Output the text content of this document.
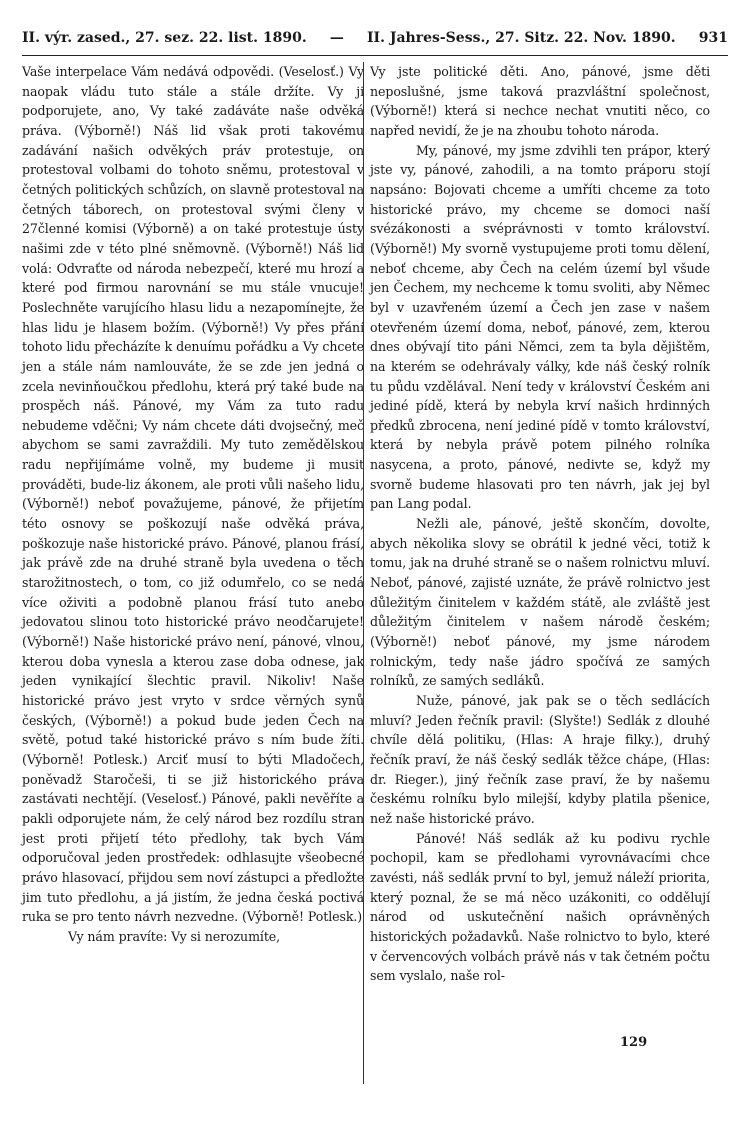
II. výr. zased., 27. sez. 22. list. 1890. — II. Jahres-Sess., 27. Sitz. 22. Nov. 1890. 931

Vaše interpelace Vám nedává odpovědi. (Veselosť.) Vy naopak vládu tuto stále a stále držíte. Vy ji podporujete, ano, Vy také zadáváte naše odvěká práva. (Výborně!) Náš lid však proti takovému zadávání našich odvěkých práv protestuje, on protestoval volbami do tohoto sněmu, protestoval v četných politických schůzích, on slavně protestoval na četných táborech, on protestoval svými členy v 27členné komisi (Výborně) a on také protestuje ústy našimi zde v této plné sněmovně. (Výborně!) Náš lid volá: Odvraťte od národa nebezpečí, které mu hrozí a které pod firmou narovnání se mu stále vnucuje! Poslechněte varujícího hlasu lidu a nezapomínejte, že hlas lidu je hlasem božím. (Výborně!) Vy přes přání tohoto lidu přecházíte k denuímu pořádku a Vy chcete jen a stále nám namlouváte, že se zde jen jedná o zcela nevinňoučkou předlohu, která prý také bude na prospěch náš. Pánové, my Vám za tuto radu nebudeme vděčni; Vy nám chcete dáti dvojsečný, meč abychom se sami zavraždili. My tuto zemědělskou radu nepřijímáme volně, my budeme ji musit prováděti, bude-liz ákonem, ale proti vůli našeho lidu, (Výborně!) neboť považujeme, pánové, že přijetím této osnovy se poškozují naše odvěká práva, poškozuje naše historické právo. Pánové, planou frásí, jak právě zde na druhé straně byla uvedena o těch starožitnostech, o tom, co již odumřelo, co se nedá více oživiti a podobně planou frásí tuto anebo jedovatou slinou toto historické právo neodčarujete! (Výborně!) Naše historické právo není, pánové, vlnou, kterou doba vynesla a kterou zase doba odnese, jak jeden vynikající šlechtic pravil. Nikoliv! Naše historické právo jest vryto v srdce věrných synů českých, (Výborně!) a pokud bude jeden Čech na světě, potud také historické právo s ním bude žíti. (Výborně! Potlesk.) Arciť musí to býti Mladočech, poněvadž Staročeši, ti se již historického práva zastávati nechtějí. (Veselosť.) Pánové, pakli nevěříte a pakli odporujete nám, že celý národ bez rozdílu stran jest proti přijetí této předlohy, tak bych Vám odporučoval jeden prostředek: odhlasujte všeobecné právo hlasovací, přijdou sem noví zástupci a předložte jim tuto předlohu, a já jistím, že jedna česká poctivá ruka se pro tento návrh nezvedne. (Výborně! Potlesk.)

Vy nám pravíte: Vy si nerozumíte,

Vy jste politické děti. Ano, pánové, jsme děti neposlušné, jsme taková prazvláštní společnost, (Výborně!) která si nechce nechat vnutiti něco, co napřed nevidí, že je na zhoubu tohoto národa.

My, pánové, my jsme zdvihli ten prápor, který jste vy, pánové, zahodili, a na tomto práporu stojí napsáno: Bojovati chceme a umříti chceme za toto historické právo, my chceme se domoci naší svézákonosti a svéprávnosti v tomto království. (Výborně!) My svorně vystupujeme proti tomu dělení, neboť chceme, aby Čech na celém území byl všude jen Čechem, my nechceme k tomu svoliti, aby Němec byl v uzavřeném území a Čech jen zase v našem otevřeném území doma, neboť, pánové, zem, kterou dnes obývají tito páni Němci, zem ta byla dějištěm, na kterém se odehrávaly války, kde náš český rolník tu půdu vzdělával. Není tedy v království Českém ani jediné pídě, která by nebyla krví našich hrdinných předků zbrocena, není jediné pídě v tomto království, která by nebyla právě potem pilného rolníka nasycena, a proto, pánové, nedivte se, když my svorně budeme hlasovati pro ten návrh, jak jej byl pan Lang podal.

Nežli ale, pánové, ještě skončím, dovolte, abych několika slovy se obrátil k jedné věci, totiž k tomu, jak na druhé straně se o našem rolnictvu mluví. Neboť, pánové, zajisté uznáte, že právě rolnictvo jest důležitým činitelem v každém státě, ale zvláště jest důležitým činitelem v našem národě českém; (Výborně!) neboť pánové, my jsme národem rolnickým, tedy naše jádro spočívá ze samých rolníků, ze samých sedláků.

Nuže, pánové, jak pak se o těch sedlácích mluví? Jeden řečník pravil: (Slyšte!) Sedlák z dlouhé chvíle dělá politiku, (Hlas: A hraje filky.), druhý řečník praví, že náš český sedlák těžce chápe, (Hlas: dr. Rieger.), jiný řečník zase praví, že by našemu českému rolníku bylo milejší, kdyby platila pšenice, než naše historické právo.

Pánové! Náš sedlák až ku podivu rychle pochopil, kam se předlohami vyrovnávacími chce zavésti, náš sedlák první to byl, jemuž náleží priorita, který poznal, že se má něco uzákoniti, co oddělují národ od uskutečnění našich oprávněných historických požadavků. Naše rolnictvo to bylo, které v červencových volbách právě nás v tak četném počtu sem vyslalo, naše rol-

129
